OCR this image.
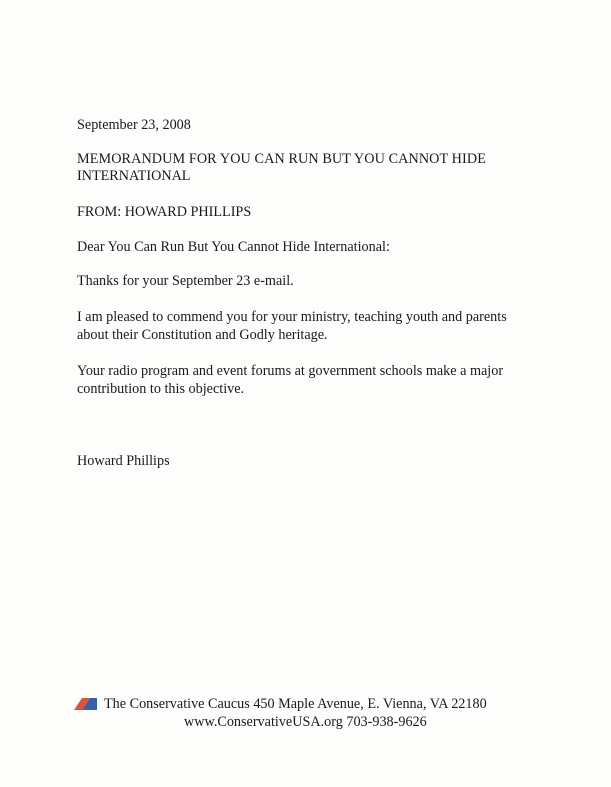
September 23, 2008
MEMORANDUM FOR YOU CAN RUN BUT YOU CANNOT HIDE
INTERNATIONAL
FROM: HOWARD PHILLIPS
Dear You Can Run But You Cannot Hide International:
Thanks for your September 23 e-mail.
I am pleased to commend you for your ministry, teaching youth and parents
about their Constitution and Godly heritage.
Your radio program and event forums at government schools make a major
contribution to this objective.
Howard Phillips
The Conservative Caucus 450 Maple Avenue, E. Vienna, VA 22180
www.ConservativeUSA.org 703-938-9626
